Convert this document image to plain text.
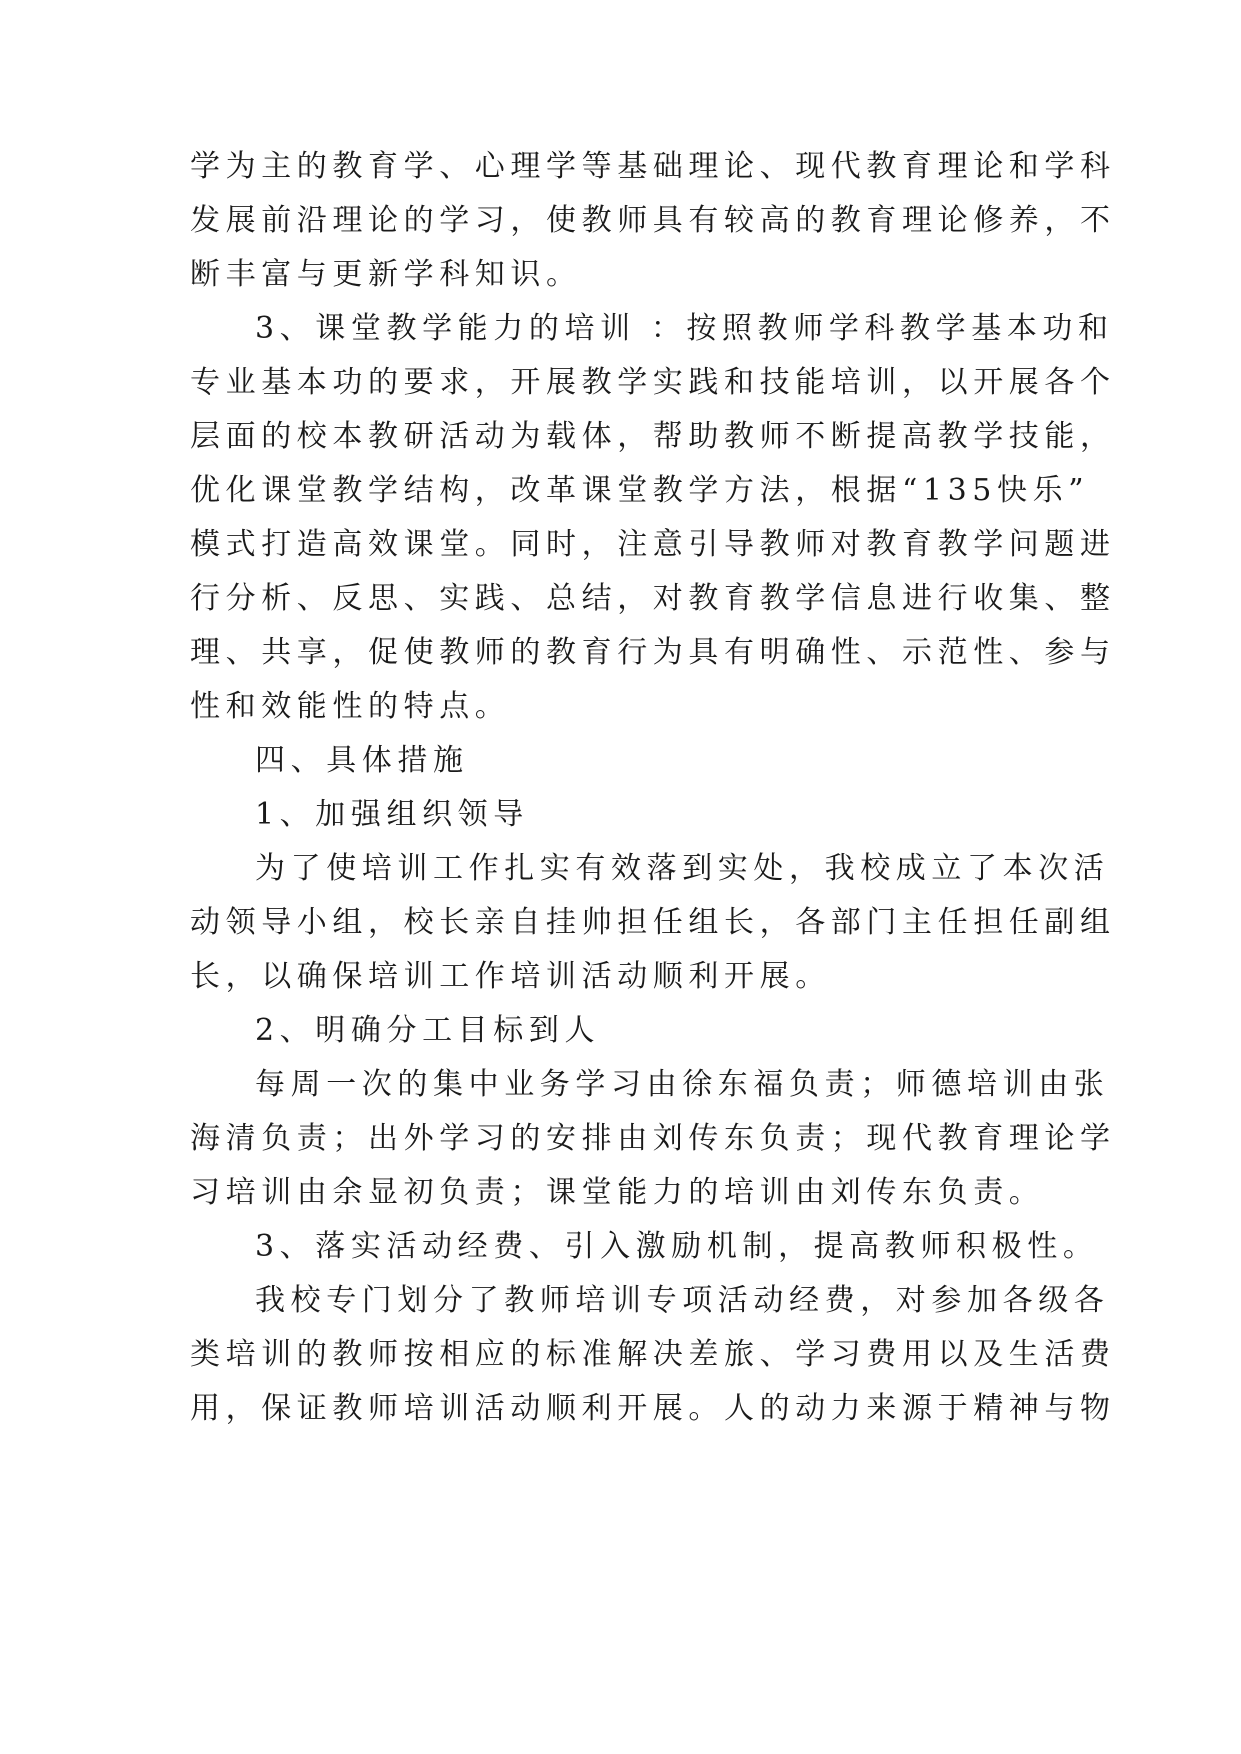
学为主的教育学、心理学等基础理论、现代教育理论和学科
发展前沿理论的学习，使教师具有较高的教育理论修养，不
断丰富与更新学科知识。
3、课堂教学能力的培训 ：按照教师学科教学基本功和
专业基本功的要求，开展教学实践和技能培训，以开展各个
层面的校本教研活动为载体，帮助教师不断提高教学技能，
优化课堂教学结构，改革课堂教学方法，根据“135快乐”
模式打造高效课堂。同时，注意引导教师对教育教学问题进
行分析、反思、实践、总结，对教育教学信息进行收集、整
理、共享，促使教师的教育行为具有明确性、示范性、参与
性和效能性的特点。
四、具体措施
1、加强组织领导
为了使培训工作扎实有效落到实处，我校成立了本次活
动领导小组，校长亲自挂帅担任组长，各部门主任担任副组
长，以确保培训工作培训活动顺利开展。
2、明确分工目标到人
每周一次的集中业务学习由徐东福负责；师德培训由张
海清负责；出外学习的安排由刘传东负责；现代教育理论学
习培训由余显初负责；课堂能力的培训由刘传东负责。
3、落实活动经费、引入激励机制，提高教师积极性。
我校专门划分了教师培训专项活动经费，对参加各级各
类培训的教师按相应的标准解决差旅、学习费用以及生活费
用，保证教师培训活动顺利开展。人的动力来源于精神与物
